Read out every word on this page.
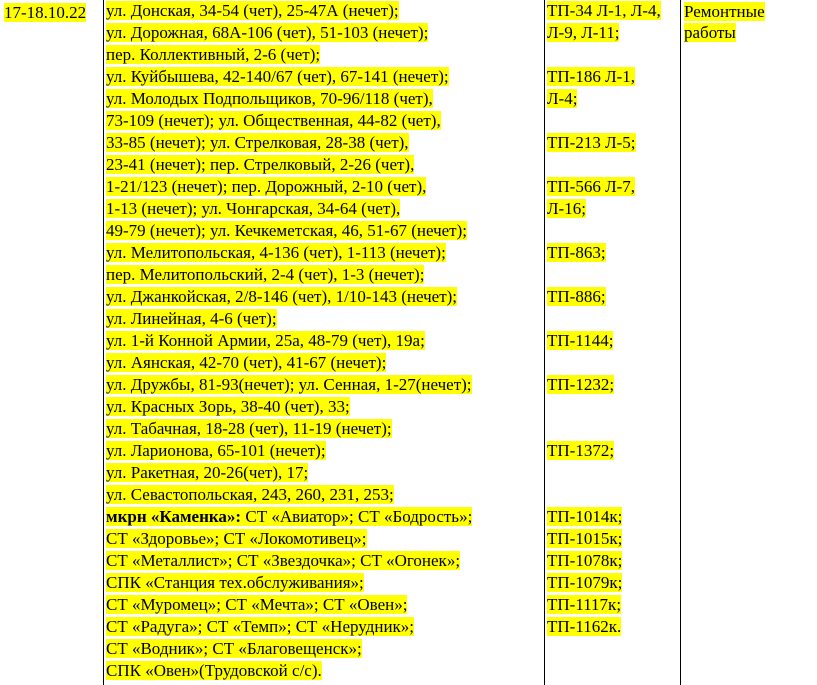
17-18.10.22 ул. Донская, 34-54 (чет), 25-47А (нечет);
ул. Дорожная, 68А-106 (чет), 51-103 (нечет);
пер. Коллективный, 2-6 (чет);
ул. Куйбышева, 42-140/67 (чет), 67-141 (нечет);
ул. Молодых Подпольщиков, 70-96/118 (чет),
73-109 (нечет); ул. Общественная, 44-82 (чет),
33-85 (нечет); ул. Стрелковая, 28-38 (чет),
23-41 (нечет); пер. Стрелковый, 2-26 (чет),
1-21/123 (нечет); пер. Дорожный, 2-10 (чет),
1-13 (нечет); ул. Чонгарская, 34-64 (чет),
49-79 (нечет); ул. Кечкеметская, 46, 51-67 (нечет);
ул. Мелитопольская, 4-136 (чет), 1-113 (нечет);
пер. Мелитопольский, 2-4 (чет), 1-3 (нечет);
ул. Джанкойская, 2/8-146 (чет), 1/10-143 (нечет);
ул. Линейная, 4-6 (чет);
ул. 1-й Конной Армии, 25а, 48-79 (чет), 19а;
ул. Аянская, 42-70 (чет), 41-67 (нечет);
ул. Дружбы, 81-93(нечет); ул. Сенная, 1-27(нечет);
ул. Красных Зорь, 38-40 (чет), 33;
ул. Табачная, 18-28 (чет), 11-19 (нечет);
ул. Ларионова, 65-101 (нечет);
ул. Ракетная, 20-26(чет), 17;
ул. Севастопольская, 243, 260, 231, 253;
мкрн «Каменка»: СТ «Авиатор»; СТ «Бодрость»;
СТ «Здоровье»; СТ «Локомотивец»;
СТ «Металлист»; СТ «Звездочка»; СТ «Огонек»;
СПК «Станция тех.обслуживания»;
СТ «Муромец»; СТ «Мечта»; СТ «Овен»;
СТ «Радуга»; СТ «Темп»; СТ «Нерудник»;
СТ «Водник»; СТ «Благовещенск»;
СПК «Овен»(Трудовской с/с).
ТП-34 Л-1, Л-4,
Л-9, Л-11;
ТП-186 Л-1,
Л-4;
ТП-213 Л-5;
ТП-566 Л-7,
Л-16;
ТП-863;
ТП-886;
ТП-1144;
ТП-1232;
ТП-1372;
ТП-1014к;
ТП-1015к;
ТП-1078к;
ТП-1079к;
ТП-1117к;
ТП-1162к.
Ремонтные
работы
